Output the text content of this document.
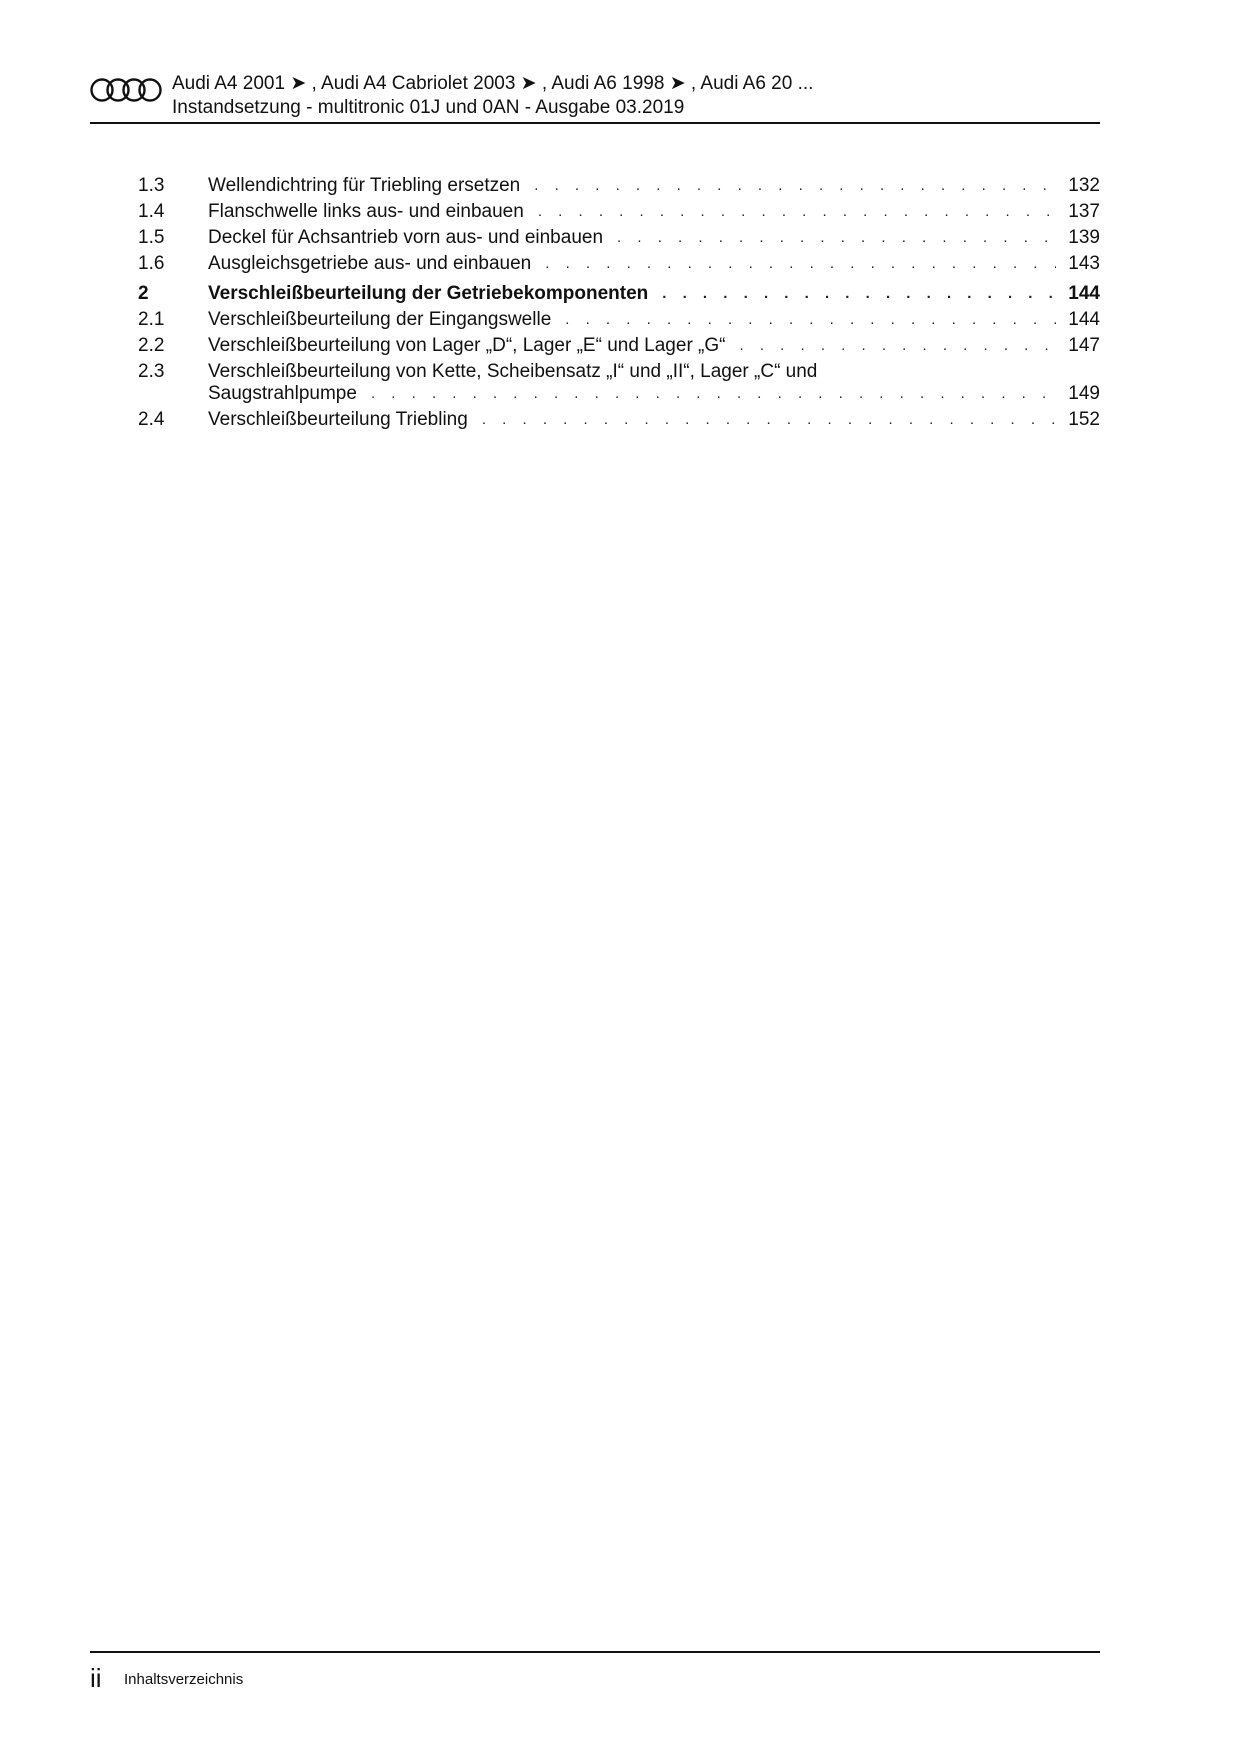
Audi A4 2001 ➤ , Audi A4 Cabriolet 2003 ➤ , Audi A6 1998 ➤ , Audi A6 20 ...
Instandsetzung - multitronic 01J und 0AN - Ausgabe 03.2019
1.3 Wellendichtring für Triebling ersetzen . . .	132
1.4 Flanschwelle links aus- und einbauen . . .	137
1.5 Deckel für Achsantrieb vorn aus- und einbauen . . .	139
1.6 Ausgleichsgetriebe aus- und einbauen . . .	143
2	Verschleißbeurteilung der Getriebekomponenten . . .	144
2.1 Verschleißbeurteilung der Eingangswelle . . .	144
2.2 Verschleißbeurteilung von Lager „D“, Lager „E“ und Lager „G“ . . .	147
2.3 Verschleißbeurteilung von Kette, Scheibensatz „I“ und „II“, Lager „C“ und
Saugstrahlpumpe . . .	149
2.4 Verschleißbeurteilung Triebling . . .	152
ii Inhaltsverzeichnis
